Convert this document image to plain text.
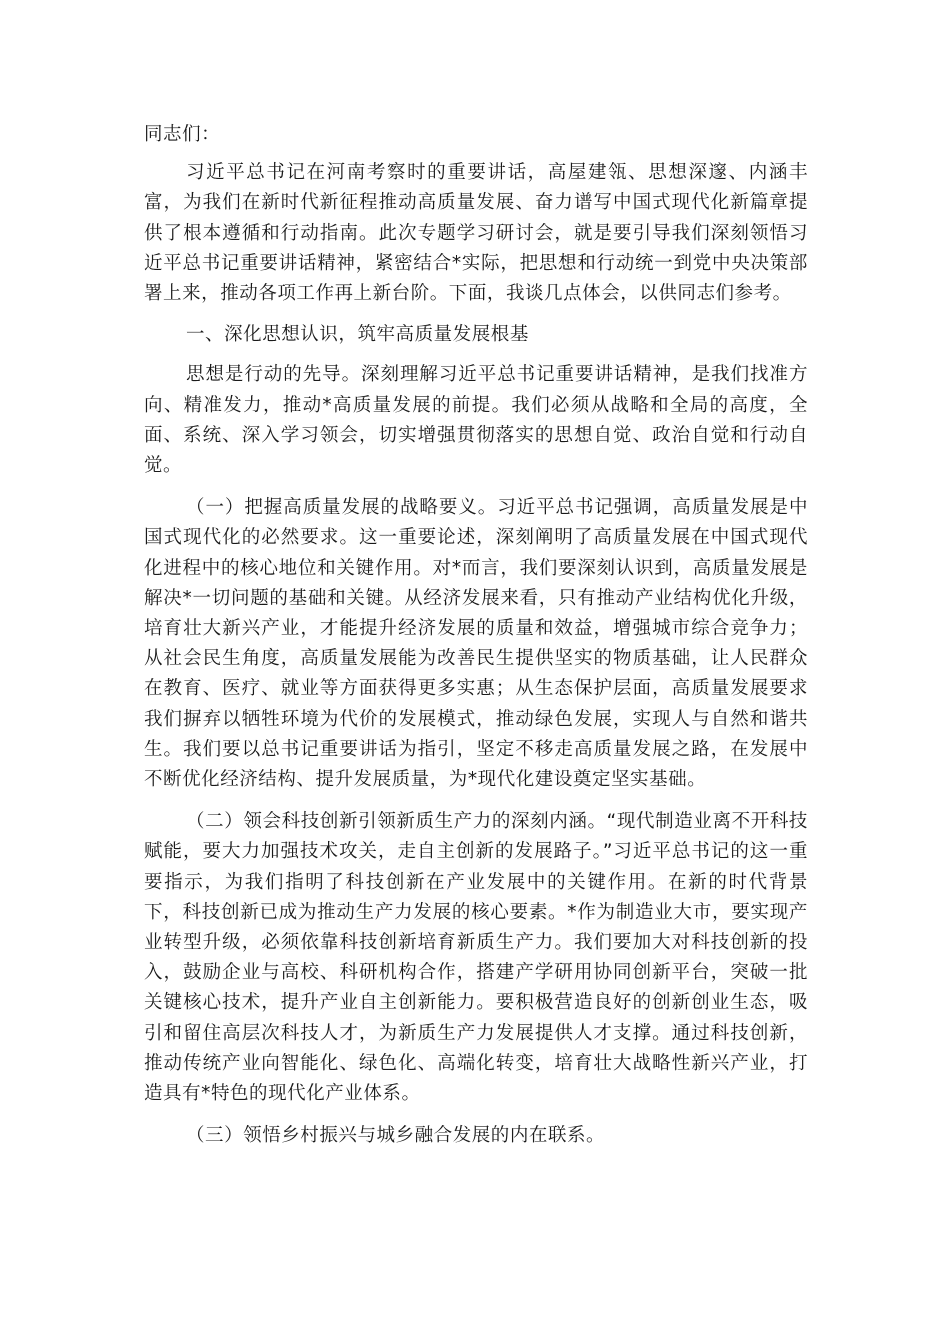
同志们：

习近平总书记在河南考察时的重要讲话，高屋建瓴、思想深邃、内涵丰富，为我们在新时代新征程推动高质量发展、奋力谱写中国式现代化新篇章提供了根本遵循和行动指南。此次专题学习研讨会，就是要引导我们深刻领悟习近平总书记重要讲话精神，紧密结合*实际，把思想和行动统一到党中央决策部署上来，推动各项工作再上新台阶。下面，我谈几点体会，以供同志们参考。

一、深化思想认识，筑牢高质量发展根基

思想是行动的先导。深刻理解习近平总书记重要讲话精神，是我们找准方向、精准发力，推动*高质量发展的前提。我们必须从战略和全局的高度，全面、系统、深入学习领会，切实增强贯彻落实的思想自觉、政治自觉和行动自觉。

（一）把握高质量发展的战略要义。习近平总书记强调，高质量发展是中国式现代化的必然要求。这一重要论述，深刻阐明了高质量发展在中国式现代化进程中的核心地位和关键作用。对*而言，我们要深刻认识到，高质量发展是解决*一切问题的基础和关键。从经济发展来看，只有推动产业结构优化升级，培育壮大新兴产业，才能提升经济发展的质量和效益，增强城市综合竞争力；从社会民生角度，高质量发展能为改善民生提供坚实的物质基础，让人民群众在教育、医疗、就业等方面获得更多实惠；从生态保护层面，高质量发展要求我们摒弃以牺牲环境为代价的发展模式，推动绿色发展，实现人与自然和谐共生。我们要以总书记重要讲话为指引，坚定不移走高质量发展之路，在发展中不断优化经济结构、提升发展质量，为*现代化建设奠定坚实基础。

（二）领会科技创新引领新质生产力的深刻内涵。“现代制造业离不开科技赋能，要大力加强技术攻关，走自主创新的发展路子。”习近平总书记的这一重要指示，为我们指明了科技创新在产业发展中的关键作用。在新的时代背景下，科技创新已成为推动生产力发展的核心要素。*作为制造业大市，要实现产业转型升级，必须依靠科技创新培育新质生产力。我们要加大对科技创新的投入，鼓励企业与高校、科研机构合作，搭建产学研用协同创新平台，突破一批关键核心技术，提升产业自主创新能力。要积极营造良好的创新创业生态，吸引和留住高层次科技人才，为新质生产力发展提供人才支撑。通过科技创新，推动传统产业向智能化、绿色化、高端化转变，培育壮大战略性新兴产业，打造具有*特色的现代化产业体系。

（三）领悟乡村振兴与城乡融合发展的内在联系。
